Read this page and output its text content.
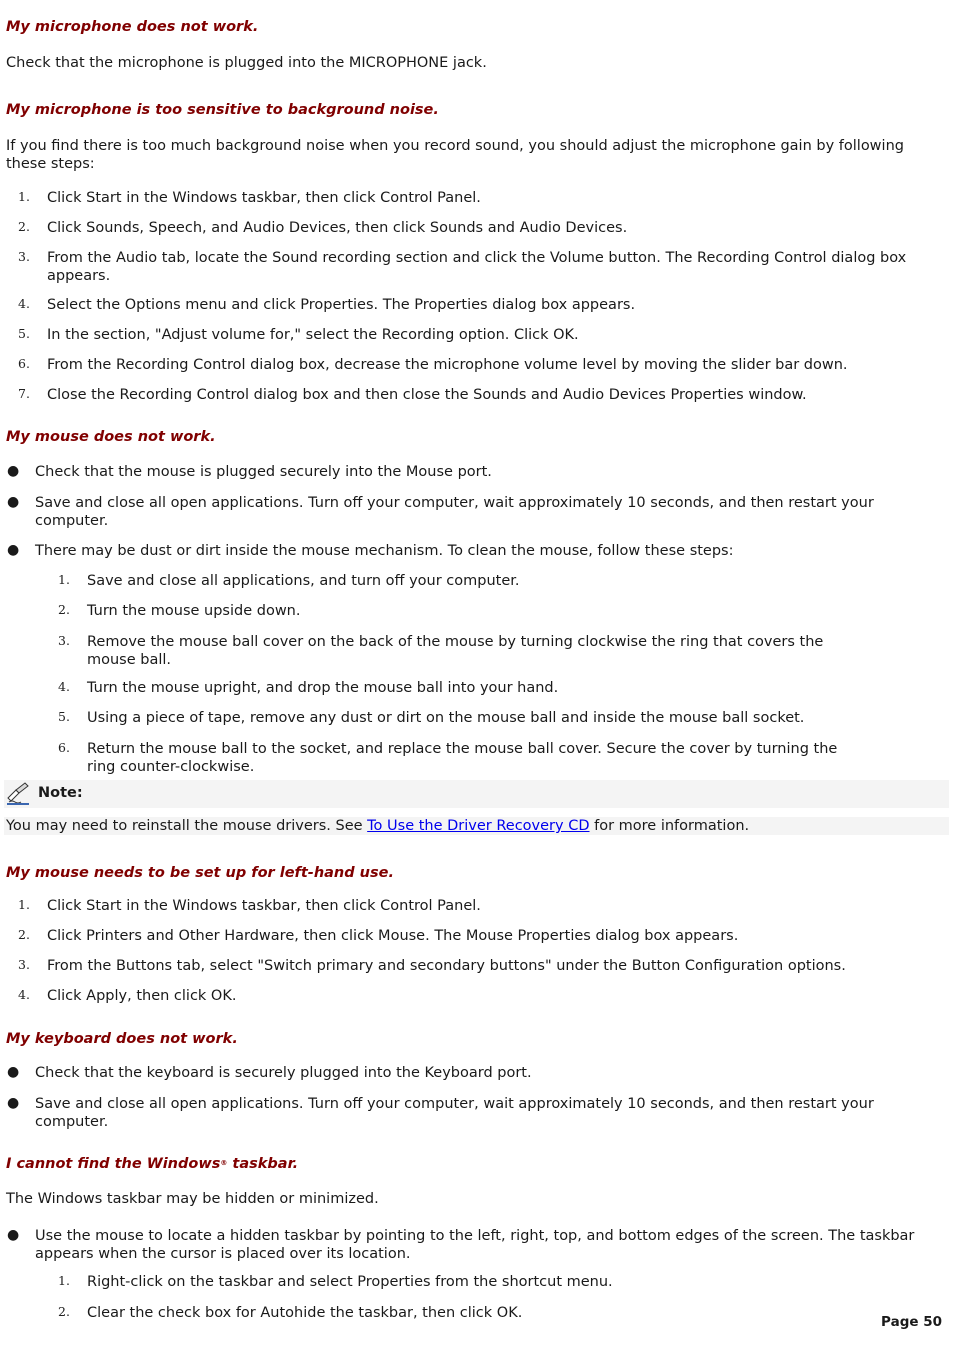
My microphone does not work.

Check that the microphone is plugged into the MICROPHONE jack.

My microphone is too sensitive to background noise.

If you find there is too much background noise when you record sound, you should adjust the microphone gain by following these steps:

1. Click Start in the Windows taskbar, then click Control Panel.
2. Click Sounds, Speech, and Audio Devices, then click Sounds and Audio Devices.
3. From the Audio tab, locate the Sound recording section and click the Volume button. The Recording Control dialog box appears.
4. Select the Options menu and click Properties. The Properties dialog box appears.
5. In the section, "Adjust volume for," select the Recording option. Click OK.
6. From the Recording Control dialog box, decrease the microphone volume level by moving the slider bar down.
7. Close the Recording Control dialog box and then close the Sounds and Audio Devices Properties window.

My mouse does not work.

● Check that the mouse is plugged securely into the Mouse port.
● Save and close all open applications. Turn off your computer, wait approximately 10 seconds, and then restart your computer.
● There may be dust or dirt inside the mouse mechanism. To clean the mouse, follow these steps:
1. Save and close all applications, and turn off your computer.
2. Turn the mouse upside down.
3. Remove the mouse ball cover on the back of the mouse by turning clockwise the ring that covers the mouse ball.
4. Turn the mouse upright, and drop the mouse ball into your hand.
5. Using a piece of tape, remove any dust or dirt on the mouse ball and inside the mouse ball socket.
6. Return the mouse ball to the socket, and replace the mouse ball cover. Secure the cover by turning the ring counter-clockwise.
Note:

You may need to reinstall the mouse drivers. See To Use the Driver Recovery CD for more information.

My mouse needs to be set up for left-hand use.

1. Click Start in the Windows taskbar, then click Control Panel.
2. Click Printers and Other Hardware, then click Mouse. The Mouse Properties dialog box appears.
3. From the Buttons tab, select "Switch primary and secondary buttons" under the Button Configuration options.
4. Click Apply, then click OK.

My keyboard does not work.

● Check that the keyboard is securely plugged into the Keyboard port.
● Save and close all open applications. Turn off your computer, wait approximately 10 seconds, and then restart your computer.

I cannot find the Windows® taskbar.

The Windows taskbar may be hidden or minimized.

● Use the mouse to locate a hidden taskbar by pointing to the left, right, top, and bottom edges of the screen. The taskbar appears when the cursor is placed over its location.
1. Right-click on the taskbar and select Properties from the shortcut menu.
2. Clear the check box for Autohide the taskbar, then click OK.
Page 50
